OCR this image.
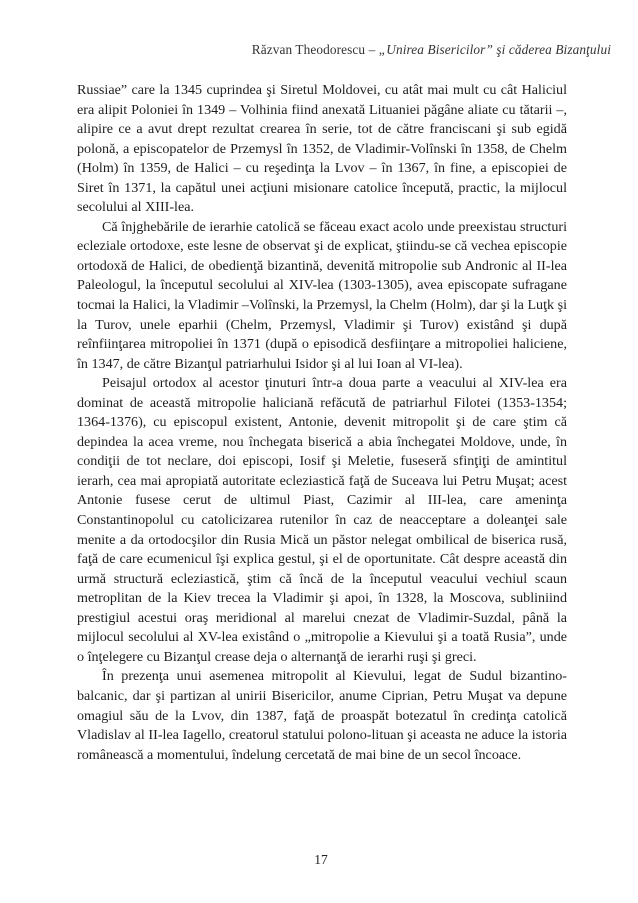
Răzvan Theodorescu – „Unirea Bisericilor” şi căderea Bizanţului

Russiae” care la 1345 cuprindea şi Siretul Moldovei, cu atât mai mult cu cât Haliciul era alipit Poloniei în 1349 – Volhinia fiind anexată Lituaniei păgâne aliate cu tătarii –, alipire ce a avut drept rezultat crearea în serie, tot de către franciscani şi sub egidă polonă, a episcopatelor de Przemysl în 1352, de Vladimir-Volînski în 1358, de Chelm (Holm) în 1359, de Halici – cu reşedinţa la Lvov – în 1367, în fine, a episcopiei de Siret în 1371, la capătul unei acţiuni misionare catolice începută, practic, la mijlocul secolului al XIII-lea.

Că înjghebările de ierarhie catolică se făceau exact acolo unde preexistau structuri ecleziale ortodoxe, este lesne de observat şi de explicat, ştiindu-se că vechea episcopie ortodoxă de Halici, de obedienţă bizantină, devenită mitropolie sub Andronic al II-lea Paleologul, la începutul secolului al XIV-lea (1303-1305), avea episcopate sufragane tocmai la Halici, la Vladimir –Volînski, la Przemysl, la Chelm (Holm), dar şi la Luţk şi la Turov, unele eparhii (Chelm, Przemysl, Vladimir şi Turov) existând şi după reînfiinţarea mitropoliei în 1371 (după o episodică desfiinţare a mitropoliei haliciene, în 1347, de către Bizanţul patriarhului Isidor şi al lui Ioan al VI-lea).

Peisajul ortodox al acestor ţinuturi într-a doua parte a veacului al XIV-lea era dominat de această mitropolie haliciană refăcută de patriarhul Filotei (1353-1354; 1364-1376), cu episcopul existent, Antonie, devenit mitropolit şi de care ştim că depindea la acea vreme, nou închegata biserică a abia închegatei Moldove, unde, în condiţii de tot neclare, doi episcopi, Iosif şi Meletie, fuseseră sfinţiţi de amintitul ierarh, cea mai apropiată autoritate ecleziastică faţă de Suceava lui Petru Muşat; acest Antonie fusese cerut de ultimul Piast, Cazimir al III-lea, care ameninţa Constantinopolul cu catolicizarea rutenilor în caz de neacceptare a doleanţei sale menite a da ortodocşilor din Rusia Mică un păstor nelegat ombilical de biserica rusă, faţă de care ecumenicul îşi explica gestul, şi el de oportunitate. Cât despre această din urmă structură ecleziastică, ştim că încă de la începutul veacului vechiul scaun metroplitan de la Kiev trecea la Vladimir şi apoi, în 1328, la Moscova, subliniind prestigiul acestui oraş meridional al marelui cnezat de Vladimir-Suzdal, până la mijlocul secolului al XV-lea existând o „mitropolie a Kievului şi a toată Rusia”, unde o înţelegere cu Bizanţul crease deja o alternanţă de ierarhi ruşi şi greci.

În prezenţa unui asemenea mitropolit al Kievului, legat de Sudul bizantino-balcanic, dar şi partizan al unirii Bisericilor, anume Ciprian, Petru Muşat va depune omagiul său de la Lvov, din 1387, faţă de proaspăt botezatul în credinţa catolică Vladislav al II-lea Iagello, creatorul statului polono-lituan şi aceasta ne aduce la istoria românească a momentului, îndelung cercetată de mai bine de un secol încoace.

17
